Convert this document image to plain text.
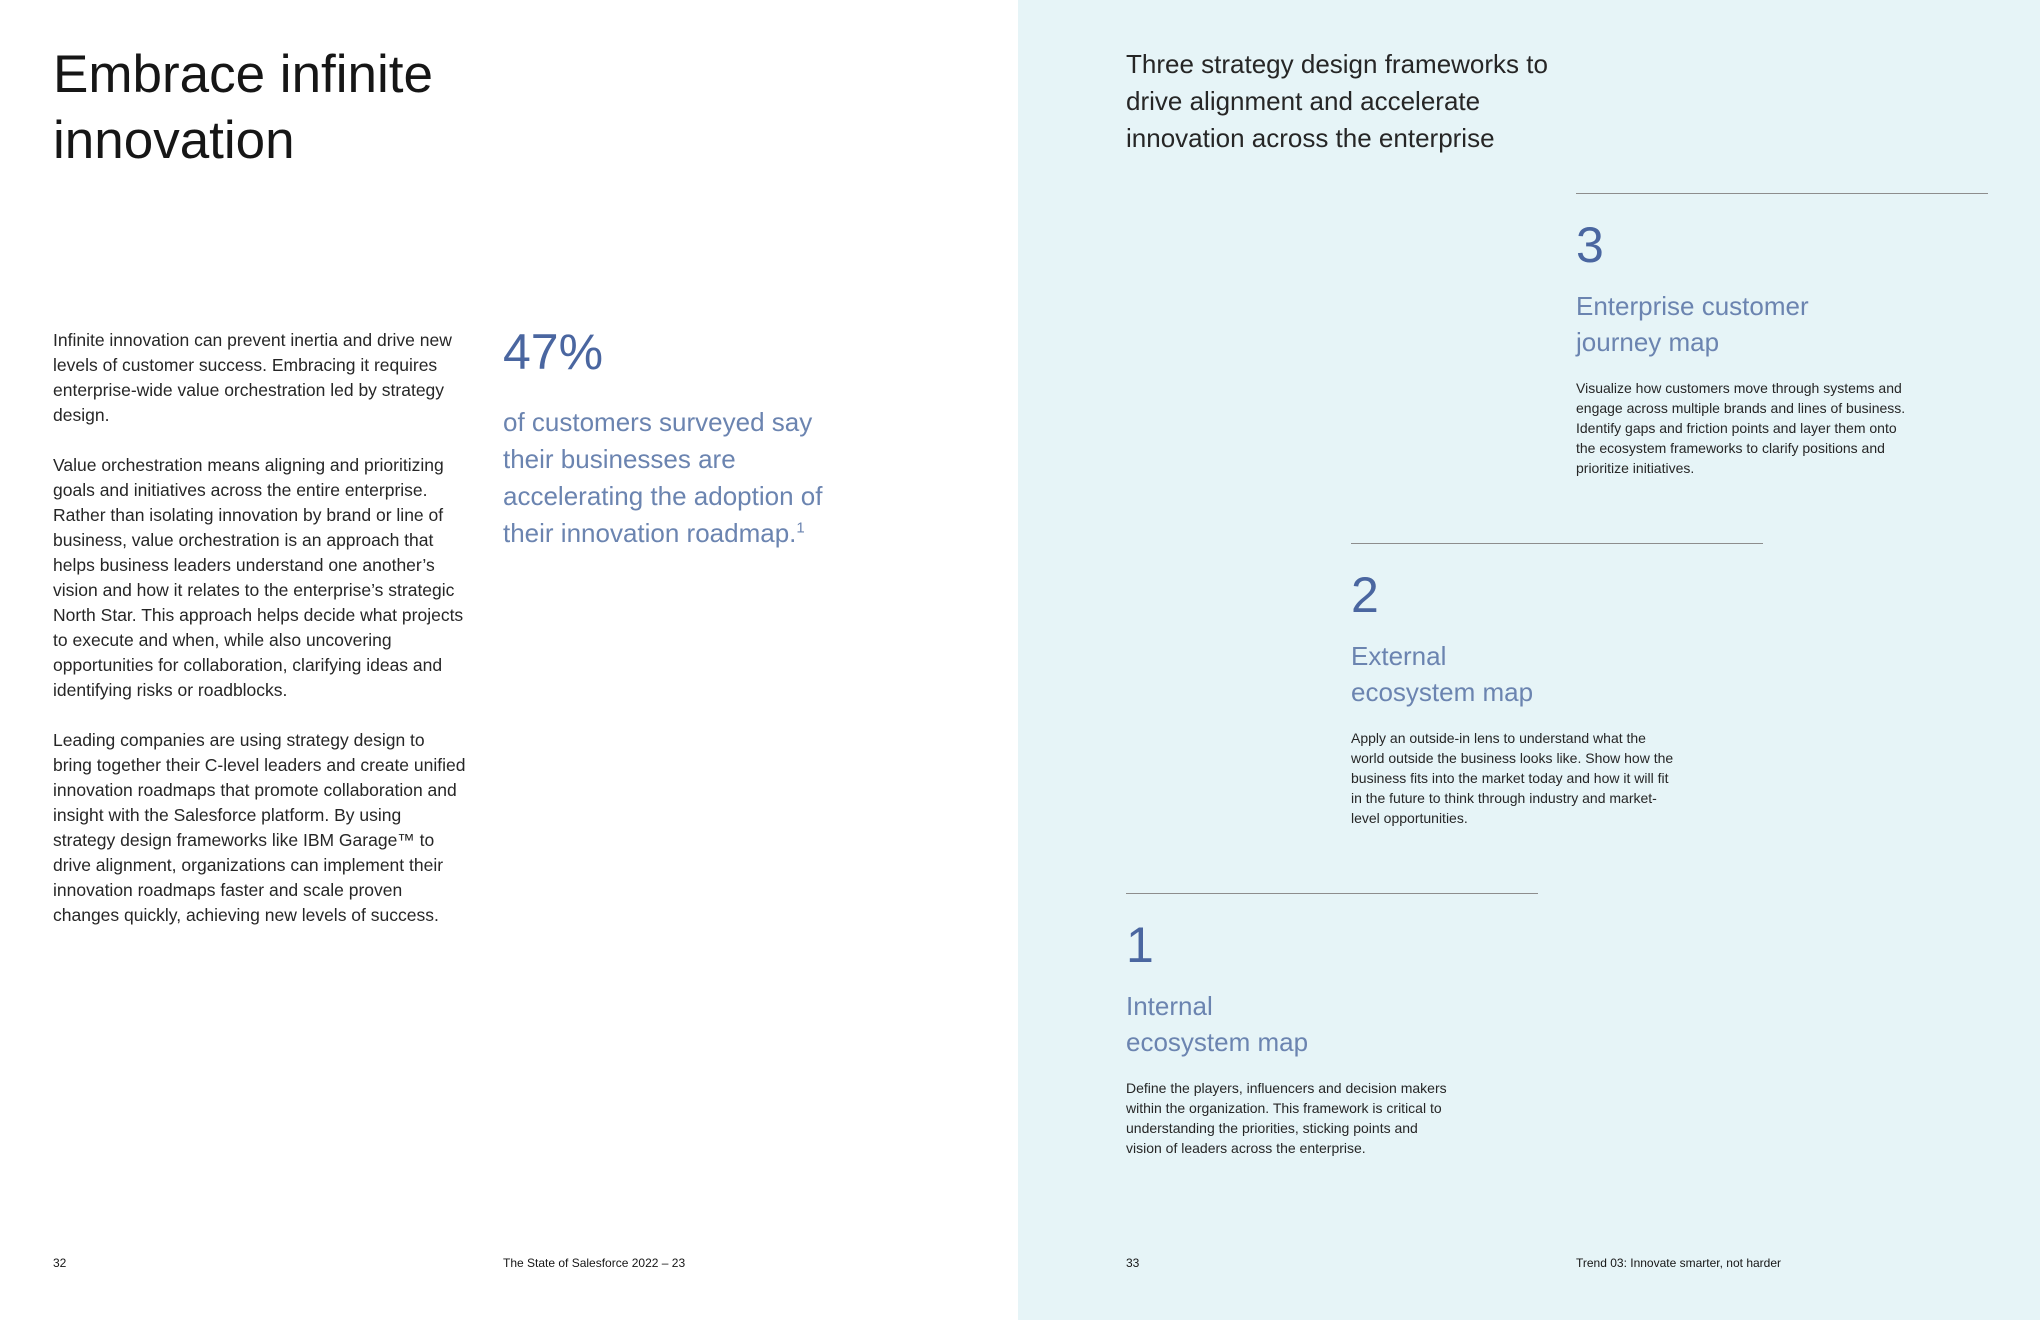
Embrace infinite
innovation

Infinite innovation can prevent inertia and drive new levels of customer success. Embracing it requires enterprise-wide value orchestration led by strategy design.

Value orchestration means aligning and prioritizing goals and initiatives across the entire enterprise. Rather than isolating innovation by brand or line of business, value orchestration is an approach that helps business leaders understand one another’s vision and how it relates to the enterprise’s strategic North Star. This approach helps decide what projects to execute and when, while also uncovering opportunities for collaboration, clarifying ideas and identifying risks or roadblocks.

Leading companies are using strategy design to bring together their C-level leaders and create unified innovation roadmaps that promote collaboration and insight with the Salesforce platform. By using strategy design frameworks like IBM Garage™ to drive alignment, organizations can implement their innovation roadmaps faster and scale proven changes quickly, achieving new levels of success.

47%
of customers surveyed say their businesses are accelerating the adoption of their innovation roadmap.$^1$
32	The State of Salesforce 2022 – 23
Three strategy design frameworks to drive alignment and accelerate innovation across the enterprise
3
Enterprise customer
journey map
Visualize how customers move through systems and engage across multiple brands and lines of business. Identify gaps and friction points and layer them onto the ecosystem frameworks to clarify positions and prioritize initiatives.
2
External
ecosystem map
Apply an outside-in lens to understand what the world outside the business looks like. Show how the business fits into the market today and how it will fit in the future to think through industry and market-level opportunities.
1
Internal
ecosystem map
Define the players, influencers and decision makers within the organization. This framework is critical to understanding the priorities, sticking points and vision of leaders across the enterprise.
33	Trend 03: Innovate smarter, not harder
